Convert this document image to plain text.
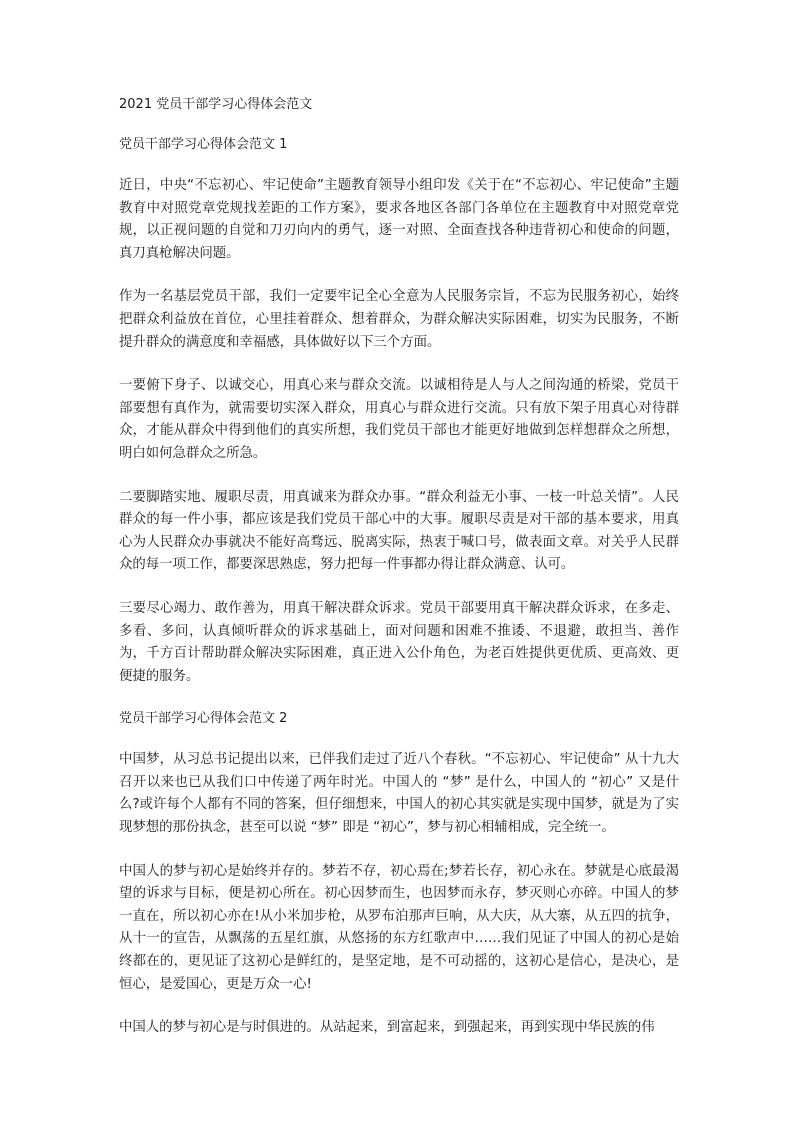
2021 党员干部学习心得体会范文
党员干部学习心得体会范文 1

近日，中央“不忘初心、牢记使命”主题教育领导小组印发《关于在“不忘初心、牢记使命”主题教育中对照党章党规找差距的工作方案》，要求各地区各部门各单位在主题教育中对照党章党规，以正视问题的自觉和刀刃向内的勇气，逐一对照、全面查找各种违背初心和使命的问题，真刀真枪解决问题。

作为一名基层党员干部，我们一定要牢记全心全意为人民服务宗旨，不忘为民服务初心，始终把群众利益放在首位，心里挂着群众、想着群众，为群众解决实际困难，切实为民服务，不断提升群众的满意度和幸福感，具体做好以下三个方面。

一要俯下身子、以诚交心，用真心来与群众交流。以诚相待是人与人之间沟通的桥梁，党员干部要想有真作为，就需要切实深入群众，用真心与群众进行交流。只有放下架子用真心对待群众，才能从群众中得到他们的真实所想，我们党员干部也才能更好地做到怎样想群众之所想，明白如何急群众之所急。

二要脚踏实地、履职尽责，用真诚来为群众办事。“群众利益无小事、一枝一叶总关情”。人民群众的每一件小事，都应该是我们党员干部心中的大事。履职尽责是对干部的基本要求，用真心为人民群众办事就决不能好高骛远、脱离实际，热衷于喊口号，做表面文章。对关乎人民群众的每一项工作，都要深思熟虑，努力把每一件事都办得让群众满意、认可。

三要尽心竭力、敢作善为，用真干解决群众诉求。党员干部要用真干解决群众诉求，在多走、多看、多问，认真倾听群众的诉求基础上，面对问题和困难不推诿、不退避，敢担当、善作为，千方百计帮助群众解决实际困难，真正进入公仆角色，为老百姓提供更优质、更高效、更便捷的服务。

党员干部学习心得体会范文 2

中国梦，从习总书记提出以来，已伴我们走过了近八个春秋。“不忘初心、牢记使命” 从十九大召开以来也已从我们口中传递了两年时光。中国人的 “梦” 是什么，中国人的 “初心” 又是什么?或许每个人都有不同的答案，但仔细想来，中国人的初心其实就是实现中国梦，就是为了实现梦想的那份执念，甚至可以说 “梦” 即是 “初心”，梦与初心相辅相成，完全统一。

中国人的梦与初心是始终并存的。梦若不存，初心焉在;梦若长存，初心永在。梦就是心底最渴望的诉求与目标，便是初心所在。初心因梦而生，也因梦而永存，梦灭则心亦碎。中国人的梦一直在，所以初心亦在!从小米加步枪，从罗布泊那声巨响，从大庆，从大寨，从五四的抗争，从十一的宣告，从飘荡的五星红旗，从悠扬的东方红歌声中……我们见证了中国人的初心是始终都在的，更见证了这初心是鲜红的，是坚定地，是不可动摇的，这初心是信心，是决心，是恒心，是爱国心，更是万众一心!

中国人的梦与初心是与时俱进的。从站起来，到富起来，到强起来，再到实现中华民族的伟
